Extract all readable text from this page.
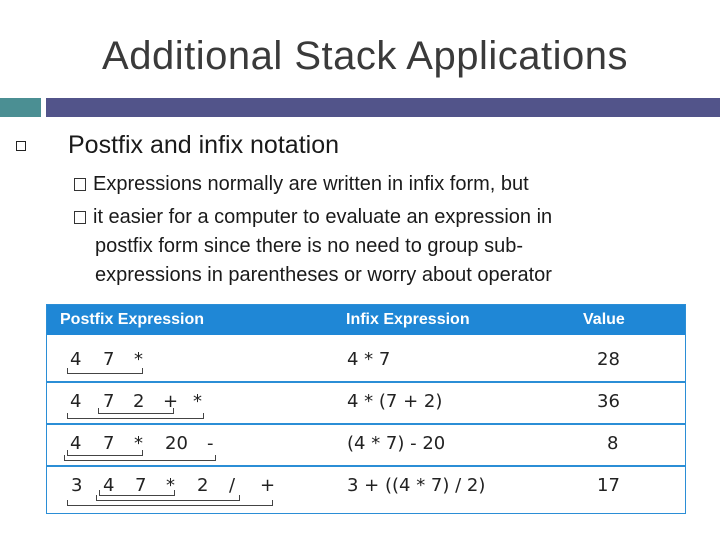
Additional Stack Applications
Postfix and infix notation
Expressions normally are written in infix form, but
it easier for a computer to evaluate an expression in
postfix form since there is no need to group sub-
expressions in parentheses or worry about operator
Postfix Expression	Infix Expression	Value
4 7 *	4 * 7	28
4 7 2 + *	4 * (7 + 2)	36
4 7 * 20 -	(4 * 7) - 20	8
3 4 7 * 2 / +	3 + ((4 * 7) / 2)	17
